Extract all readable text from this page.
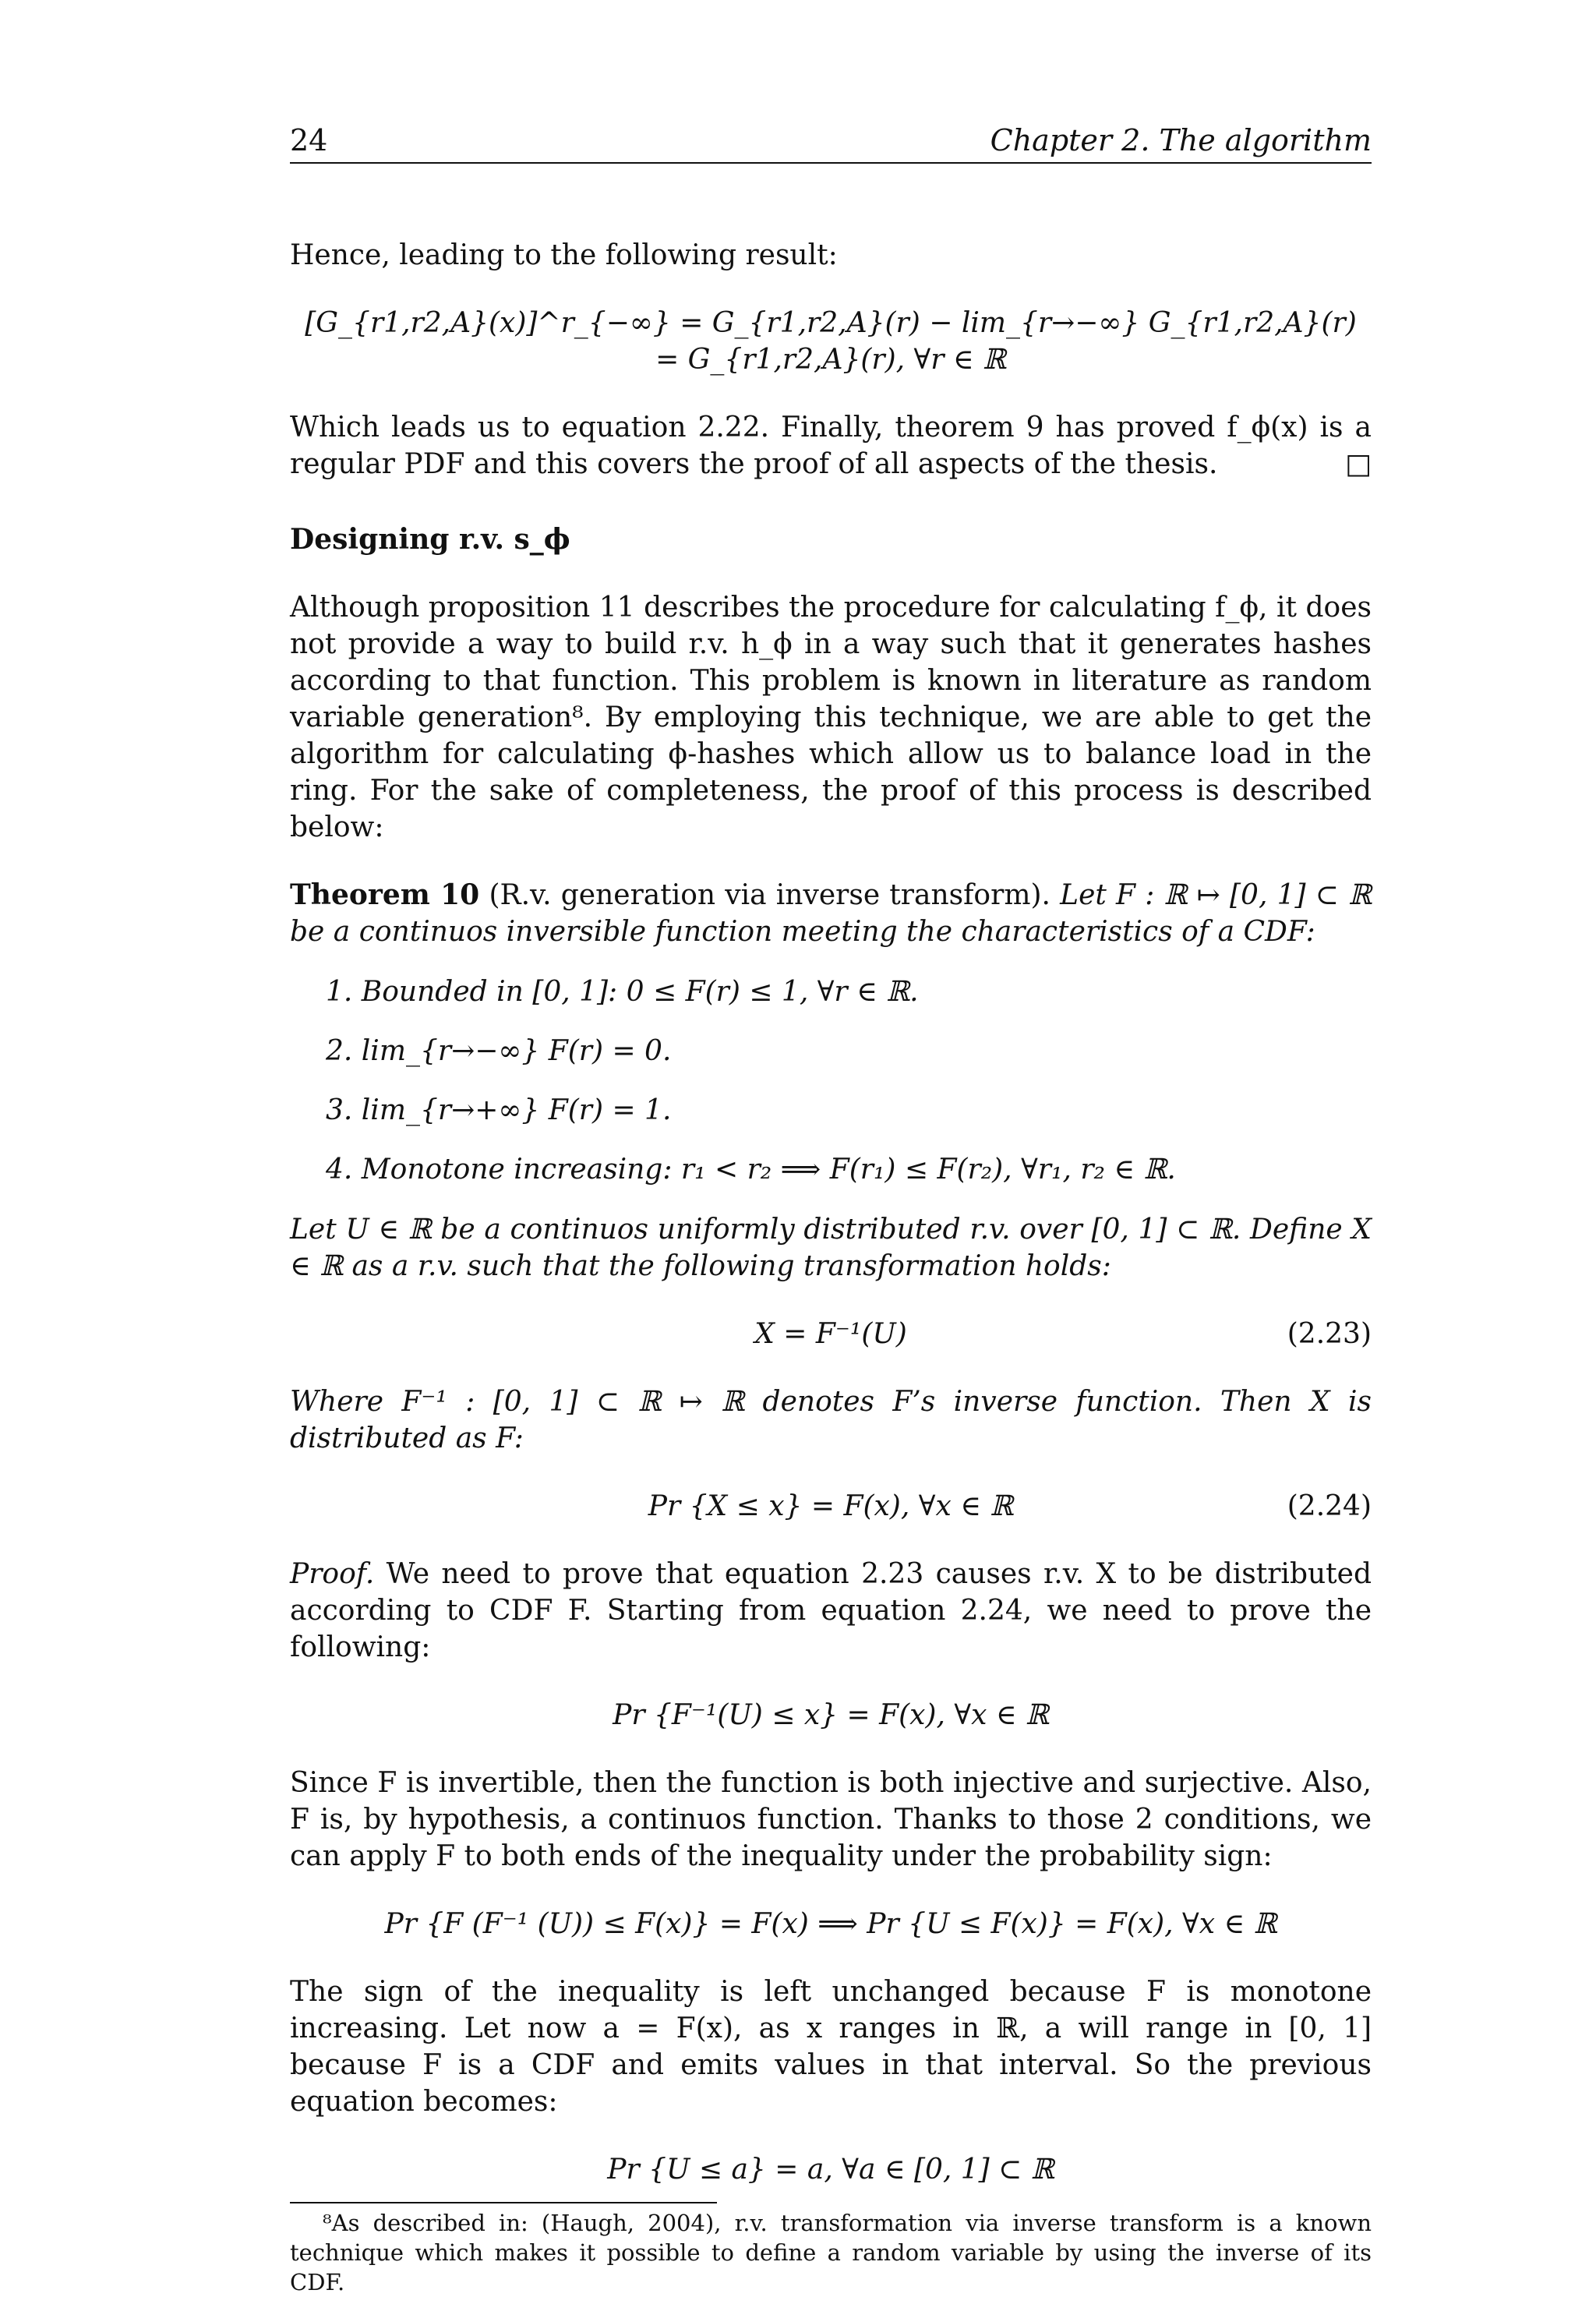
24	Chapter 2. The algorithm

Hence, leading to the following result:

[G_{r1,r2,A}(x)]^r_{−∞} = G_{r1,r2,A}(r) − lim_{r→−∞} G_{r1,r2,A}(r) = G_{r1,r2,A}(r), ∀r ∈ ℝ

Which leads us to equation 2.22. Finally, theorem 9 has proved f_ϕ(x) is a regular PDF and this covers the proof of all aspects of the thesis.	□

Designing r.v. s_ϕ

Although proposition 11 describes the procedure for calculating f_ϕ, it does not provide a way to build r.v. h_ϕ in a way such that it generates hashes according to that function. This problem is known in literature as random variable generation⁸. By employing this technique, we are able to get the algorithm for calculating ϕ-hashes which allow us to balance load in the ring. For the sake of completeness, the proof of this process is described below:

Theorem 10 (R.v. generation via inverse transform). Let F : ℝ ↦ [0, 1] ⊂ ℝ be a continuos inversible function meeting the characteristics of a CDF:

1. Bounded in [0, 1]: 0 ≤ F(r) ≤ 1, ∀r ∈ ℝ.
2. lim_{r→−∞} F(r) = 0.
3. lim_{r→+∞} F(r) = 1.
4. Monotone increasing: r₁ < r₂ ⟹ F(r₁) ≤ F(r₂), ∀r₁, r₂ ∈ ℝ.

Let U ∈ ℝ be a continuos uniformly distributed r.v. over [0, 1] ⊂ ℝ. Define X ∈ ℝ as a r.v. such that the following transformation holds:

X = F⁻¹(U)	(2.23)

Where F⁻¹ : [0, 1] ⊂ ℝ ↦ ℝ denotes F’s inverse function. Then X is distributed as F:

Pr {X ≤ x} = F(x), ∀x ∈ ℝ	(2.24)

Proof. We need to prove that equation 2.23 causes r.v. X to be distributed according to CDF F. Starting from equation 2.24, we need to prove the following:

Pr {F⁻¹(U) ≤ x} = F(x), ∀x ∈ ℝ

Since F is invertible, then the function is both injective and surjective. Also, F is, by hypothesis, a continuos function. Thanks to those 2 conditions, we can apply F to both ends of the inequality under the probability sign:

Pr {F (F⁻¹ (U)) ≤ F(x)} = F(x) ⟹ Pr {U ≤ F(x)} = F(x), ∀x ∈ ℝ

The sign of the inequality is left unchanged because F is monotone increasing. Let now a = F(x), as x ranges in ℝ, a will range in [0, 1] because F is a CDF and emits values in that interval. So the previous equation becomes:

Pr {U ≤ a} = a, ∀a ∈ [0, 1] ⊂ ℝ

⁸As described in: (Haugh, 2004), r.v. transformation via inverse transform is a known technique which makes it possible to define a random variable by using the inverse of its CDF.
